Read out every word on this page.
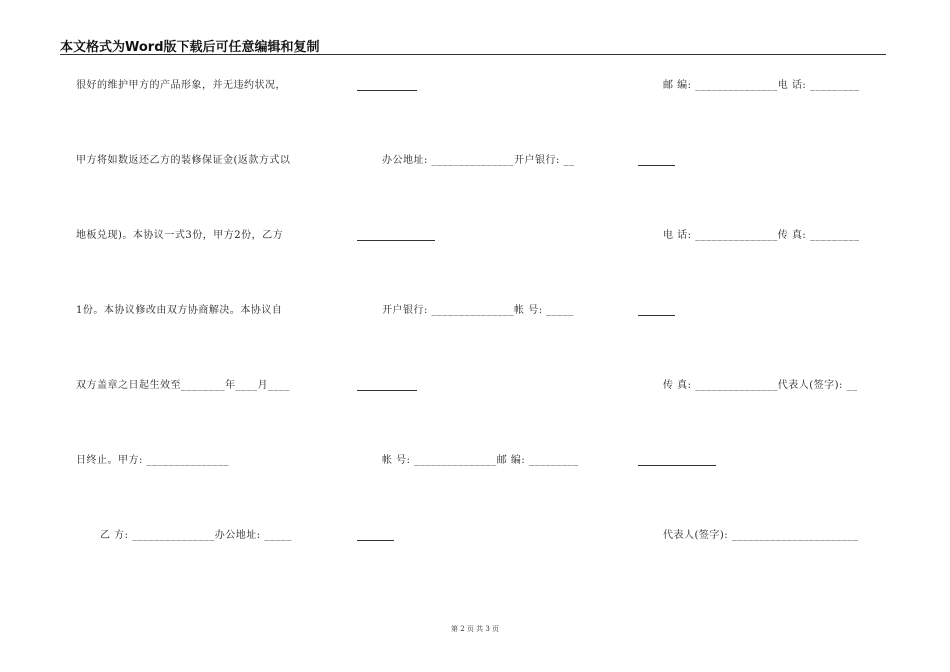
本文格式为Word版下载后可任意编辑和复制
很好的维护甲方的产品形象，并无违约状况，
甲方将如数返还乙方的装修保证金(返款方式以
地板兑现)。本协议一式3份，甲方2份，乙方
1份。本协议修改由双方协商解决。本协议自
双方盖章之日起生效至________年____月____
日终止。甲方: _______________
乙 方: _______________办公地址: _____
办公地址: _______________开户银行: __
开户银行: _______________帐 号: _____
帐 号: _______________邮 编: _________
邮 编: _______________电 话: _________
电 话: _______________传 真: _________
传 真: _______________代表人(签字): __
代表人(签字): _______________________
第 2 页 共 3 页
